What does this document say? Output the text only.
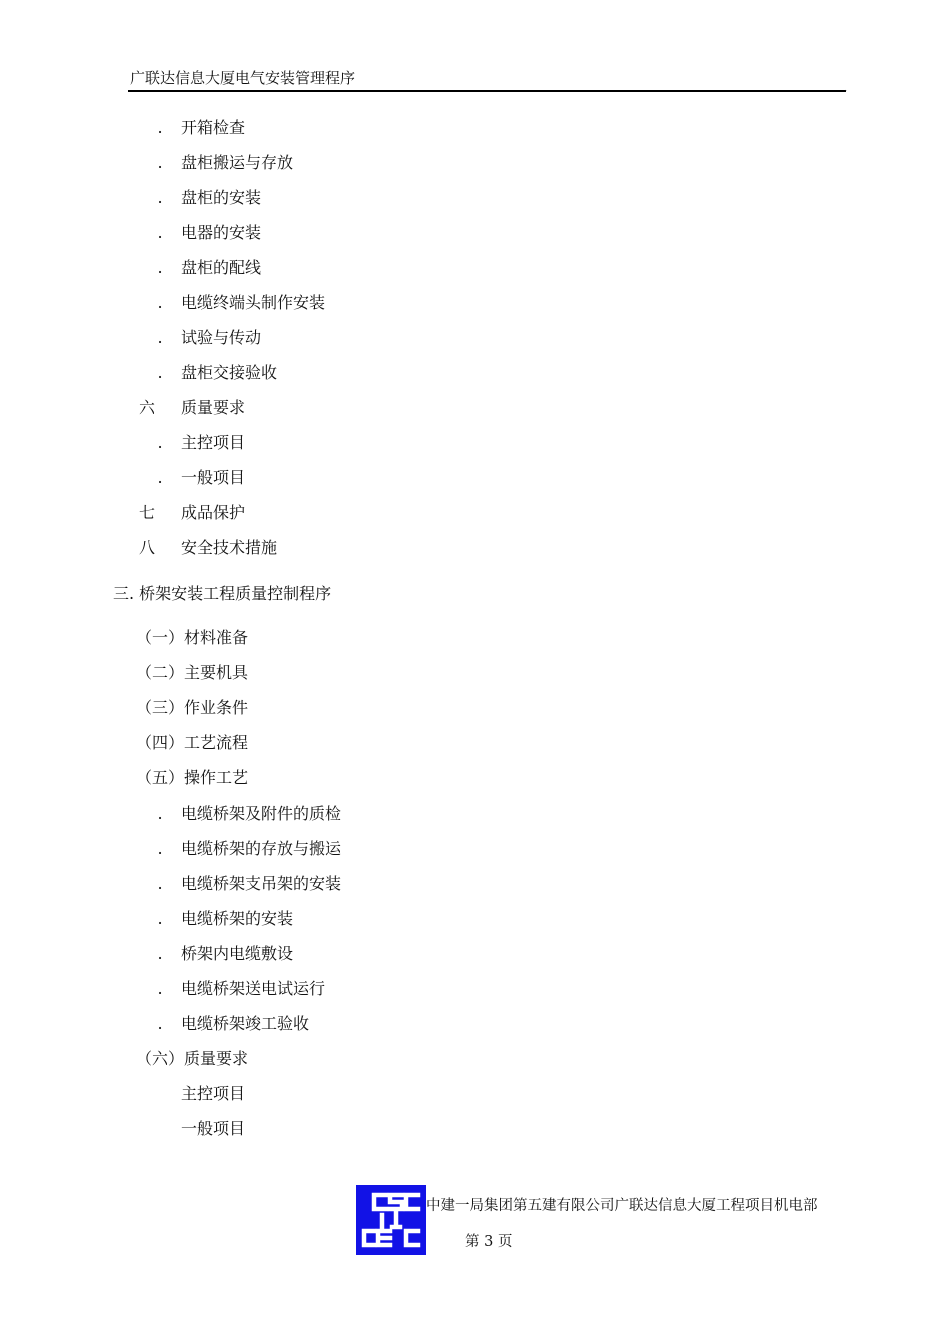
广联达信息大厦电气安装管理程序
.
. 开箱检查
. 盘柜搬运与存放
. 盘柜的安装
. 电器的安装
. 盘柜的配线
. 电缆终端头制作安装
. 试验与传动
. 盘柜交接验收
六 质量要求
. 主控项目
. 一般项目
七 成品保护
八 安全技术措施
三. 桥架安装工程质量控制程序
（一）材料准备
（二）主要机具
（三）作业条件
（四）工艺流程
（五）操作工艺
. 电缆桥架及附件的质检
. 电缆桥架的存放与搬运
. 电缆桥架支吊架的安装
. 电缆桥架的安装
. 桥架内电缆敷设
. 电缆桥架送电试运行
. 电缆桥架竣工验收
（六）质量要求
主控项目
一般项目
中建一局集团第五建有限公司广联达信息大厦工程项目机电部
第 3 页
